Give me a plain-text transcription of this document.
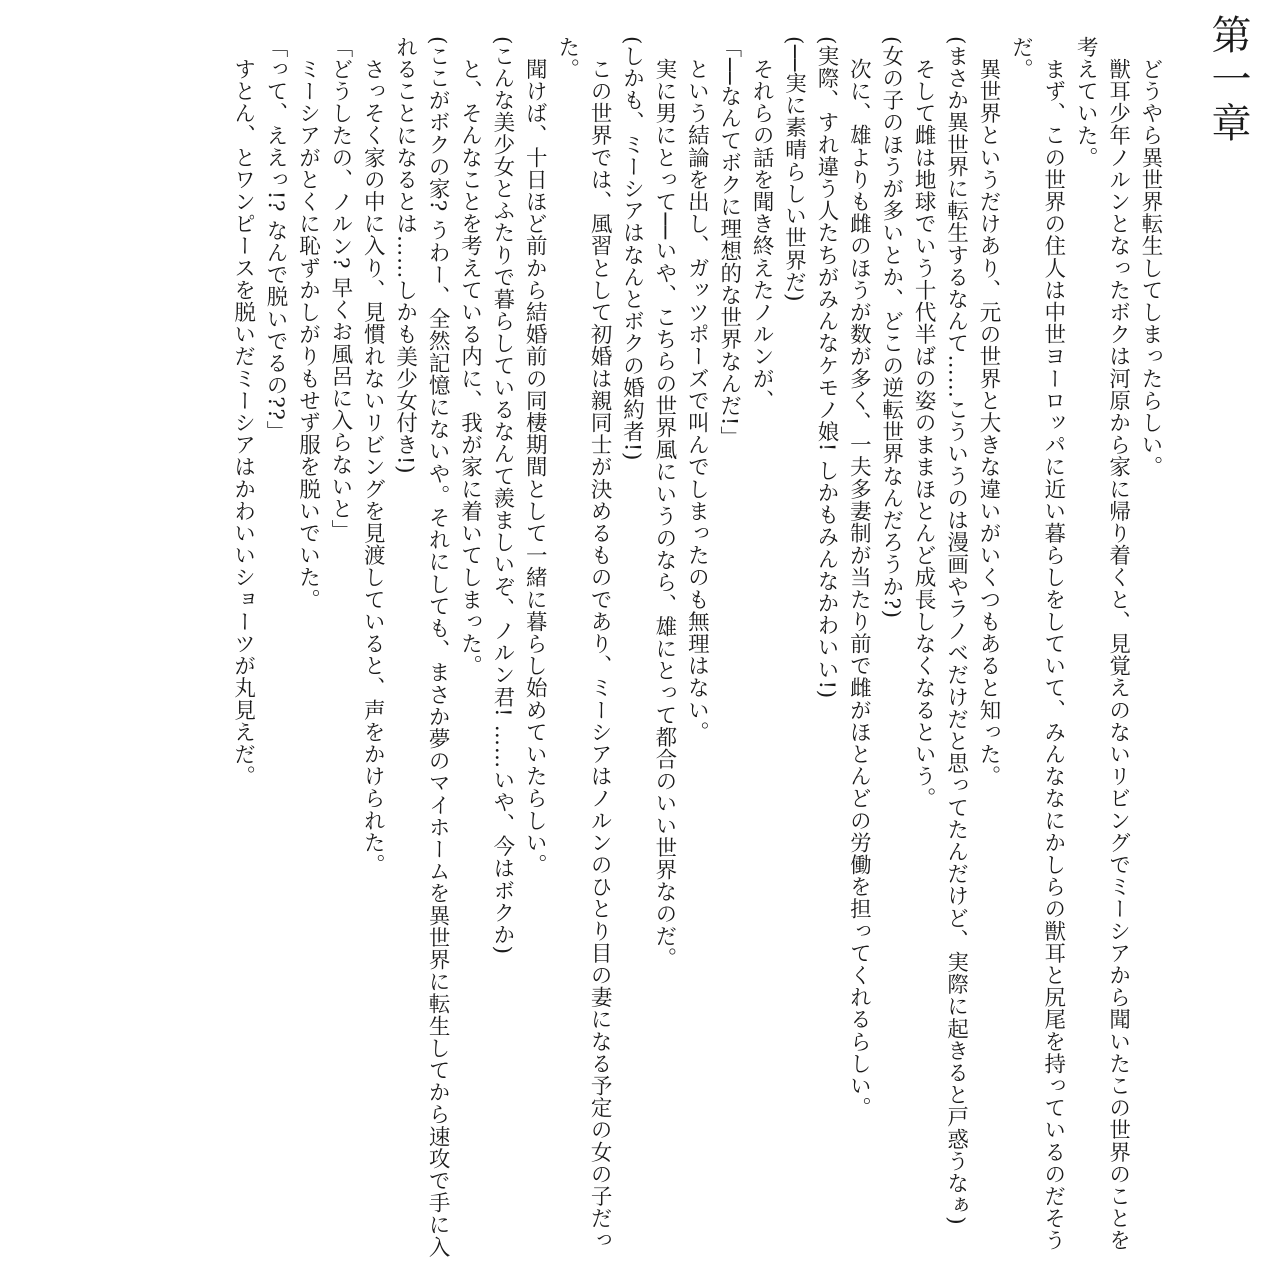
第一章

どうやら異世界転生してしまったらしい。

獣耳少年ノルンとなったボクは河原から家に帰り着くと、見覚えのないリビングでミーシアから聞いたこの世界のことを考えていた。

まず、この世界の住人は中世ヨーロッパに近い暮らしをしていて、みんななにかしらの獣耳と尻尾を持っているのだそうだ。

異世界というだけあり、元の世界と大きな違いがいくつもあると知った。

(まさか異世界に転生するなんて……こういうのは漫画やラノベだけだと思ってたんだけど、実際に起きると戸惑うなぁ)

そして雌は地球でいう十代半ばの姿のままほとんど成長しなくなるという。

(女の子のほうが多いとか、どこの逆転世界なんだろうか?)

次に、雄よりも雌のほうが数が多く、一夫多妻制が当たり前で雌がほとんどの労働を担ってくれるらしい。

(実際、すれ違う人たちがみんなケモノ娘! しかもみんなかわいい!)

(──実に素晴らしい世界だ)

それらの話を聞き終えたノルンが、

「──なんてボクに理想的な世界なんだ!」

という結論を出し、ガッツポーズで叫んでしまったのも無理はない。

実に男にとって──いや、こちらの世界風にいうのなら、雄にとって都合のいい世界なのだ。

(しかも、ミーシアはなんとボクの婚約者!)

この世界では、風習として初婚は親同士が決めるものであり、ミーシアはノルンのひとり目の妻になる予定の女の子だった。

聞けば、十日ほど前から結婚前の同棲期間として一緒に暮らし始めていたらしい。

(こんな美少女とふたりで暮らしているなんて羨ましいぞ、ノルン君! ……いや、今はボクか)

と、そんなことを考えている内に、我が家に着いてしまった。

(ここがボクの家? うわー、全然記憶にないや。それにしても、まさか夢のマイホームを異世界に転生してから速攻で手に入れることになるとは……しかも美少女付き!)

さっそく家の中に入り、見慣れないリビングを見渡していると、声をかけられた。

「どうしたの、ノルン? 早くお風呂に入らないと」

ミーシアがとくに恥ずかしがりもせず服を脱いでいた。

「って、ええっ!? なんで脱いでるの??」

すとん、とワンピースを脱いだミーシアはかわいいショーツが丸見えだ。
